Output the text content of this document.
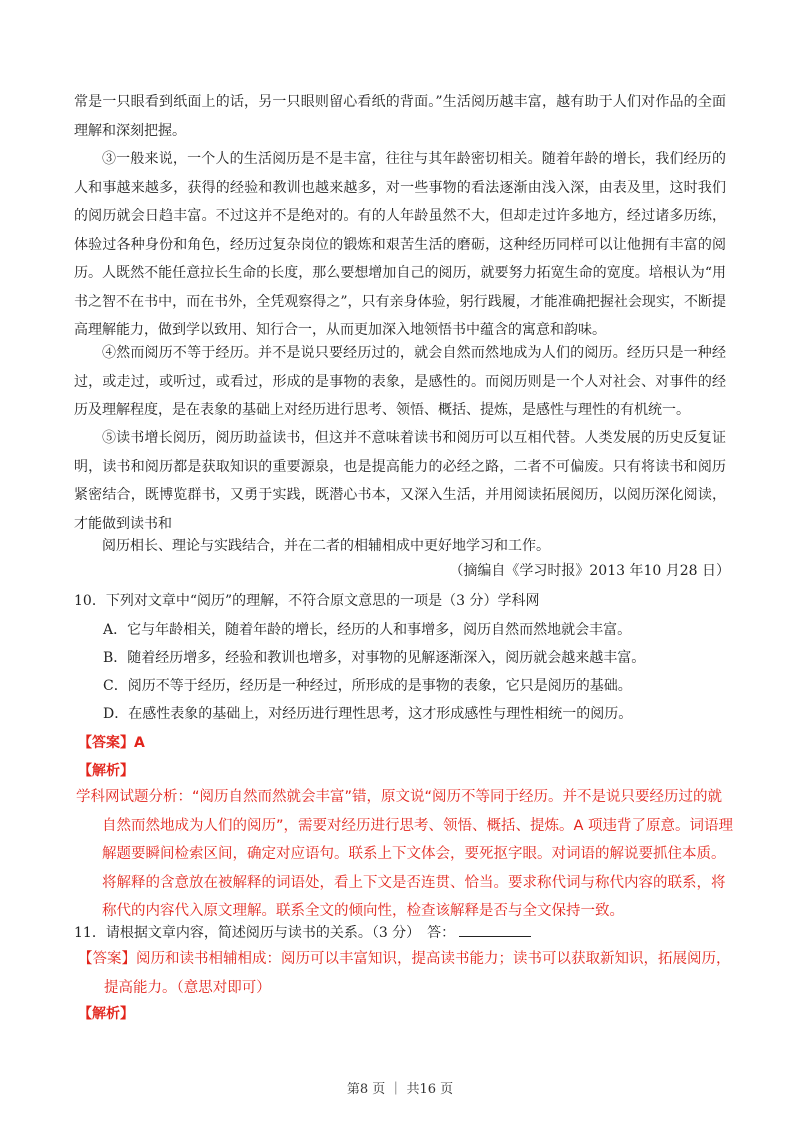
​

常是一只眼看到纸面上的话，另一只眼则留心看纸的背面。”生活阅历越丰富，越有助于人们对作品的全面理解和深刻把握。

③一般来说，一个人的生活阅历是不是丰富，往往与其年龄密切相关。随着年龄的增长，我们经历的人和事越来越多，获得的经验和教训也越来越多，对一些事物的看法逐渐由浅入深，由表及里，这时我们的阅历就会日趋丰富。不过这并不是绝对的。有的人年龄虽然不大，但却走过许多地方，经过诸多历练，体验过各种身份和角色，经历过复杂岗位的锻炼和艰苦生活的磨砺，这种经历同样可以让他拥有丰富的阅历。人既然不能任意拉长生命的长度，那么要想增加自己的阅历，就要努力拓宽生命的宽度。培根认为“用书之智不在书中，而在书外，全凭观察得之”，只有亲身体验，躬行践履，才能准确把握社会现实，不断提高理解能力，做到学以致用、知行合一，从而更加深入地领悟书中蕴含的寓意和韵味。

④然而阅历不等于经历。并不是说只要经历过的，就会自然而然地成为人们的阅历。经历只是一种经过，或走过，或听过，或看过，形成的是事物的表象，是感性的。而阅历则是一个人对社会、对事件的经历及理解程度，是在表象的基础上对经历进行思考、领悟、概括、提炼，是感性与理性的有机统一。

⑤读书增长阅历，阅历助益读书，但这并不意味着读书和阅历可以互相代替。人类发展的历史反复证明，读书和阅历都是获取知识的重要源泉，也是提高能力的必经之路，二者不可偏废。只有将读书和阅历紧密结合，既博览群书，又勇于实践，既潜心书本，又深入生活，并用阅读拓展阅历，以阅历深化阅读，才能做到读书和

阅历相长、理论与实践结合，并在二者的相辅相成中更好地学习和工作。

（摘编自《学习时报》2013 年10 月28 日）
10．下列对文章中“阅历”的理解，不符合原文意思的一项是（3 分）学科网
A．它与年龄相关，随着年龄的增长，经历的人和事增多，阅历自然而然地就会丰富。
B．随着经历增多，经验和教训也增多，对事物的见解逐渐深入，阅历就会越来越丰富。
C．阅历不等于经历，经历是一种经过，所形成的是事物的表象，它只是阅历的基础。
D．在感性表象的基础上，对经历进行理性思考，这才形成感性与理性相统一的阅历。
【答案】A
【解析】

学科网试题分析：“阅历自然而然就会丰富”错，原文说“阅历不等同于经历。并不是说只要经历过的就自然而然地成为人们的阅历”，需要对经历进行思考、领悟、概括、提炼。A 项违背了原意。词语理解题要瞬间检索区间，确定对应语句。联系上下文体会，要死抠字眼。对词语的解说要抓住本质。将解释的含意放在被解释的词语处，看上下文是否连贯、恰当。要求称代词与称代内容的联系，将称代的内容代入原文理解。联系全文的倾向性，检查该解释是否与全文保持一致。

11．请根据文章内容，简述阅历与读书的关系。（3 分）　答：

【答案】阅历和读书相辅相成：阅历可以丰富知识，提高读书能力；读书可以获取新知识，拓展阅历，提高能力。（意思对即可）

【解析】
第8 页 ｜ 共16 页
